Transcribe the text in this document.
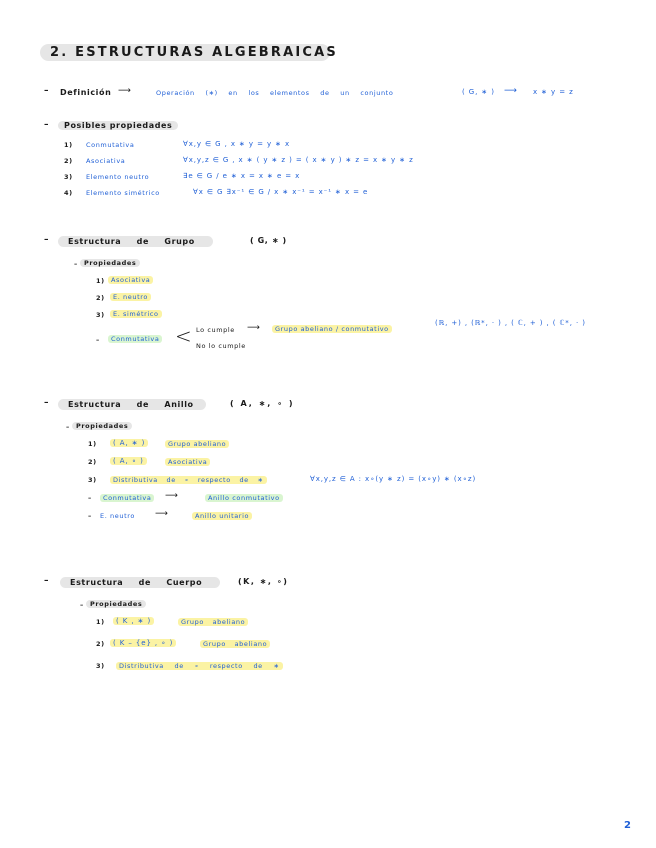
2. ESTRUCTURAS ALGEBRAICAS
– Definición ⟶	Operación (∗) en los elementos de un conjunto	( G, ∗ ) ⟶ x ∗ y = z
–	Posibles propiedades
1) Conmutativa	∀x,y ∈ G , x ∗ y = y ∗ x
2) Asociativa	∀x,y,z ∈ G , x ∗ ( y ∗ z ) = ( x ∗ y ) ∗ z = x ∗ y ∗ z
3) Elemento neutro	∃e ∈ G / e ∗ x = x ∗ e = x
4) Elemento simétrico	∀x ∈ G ∃x⁻¹ ∈ G / x ∗ x⁻¹ = x⁻¹ ∗ x = e
–	Estructura de Grupo	( G, ∗ )
– Propiedades
1) Asociativa
2)	E. neutro
3)	E. simétrico
–	Conmutativa < Lo cumple ⟶	Grupo abeliano / conmutativo
No lo cumple
(ℝ, +) , (ℝ*, · ) , ( ℂ, + ) , ( ℂ*, · )
–	Estructura de Anillo	( A, ∗, ∘ )
– Propiedades
1)	( A, ∗ )	Grupo abeliano
2)	( A, ∘ )	Asociativa
3)	Distributiva de ∘ respecto de ∗	∀x,y,z ∈ A : x∘(y ∗ z) = (x∘y) ∗ (x∘z)
–	Conmutativa	⟶	Anillo conmutativo
– E. neutro ⟶	Anillo unitario
–	Estructura de Cuerpo	(K, ∗, ∘)
– Propiedades
1)	( K , ∗ )	Grupo abeliano
2)	( K – {e} , ∘ )	Grupo abeliano
3)	Distributiva de ∘ respecto de ∗
2
